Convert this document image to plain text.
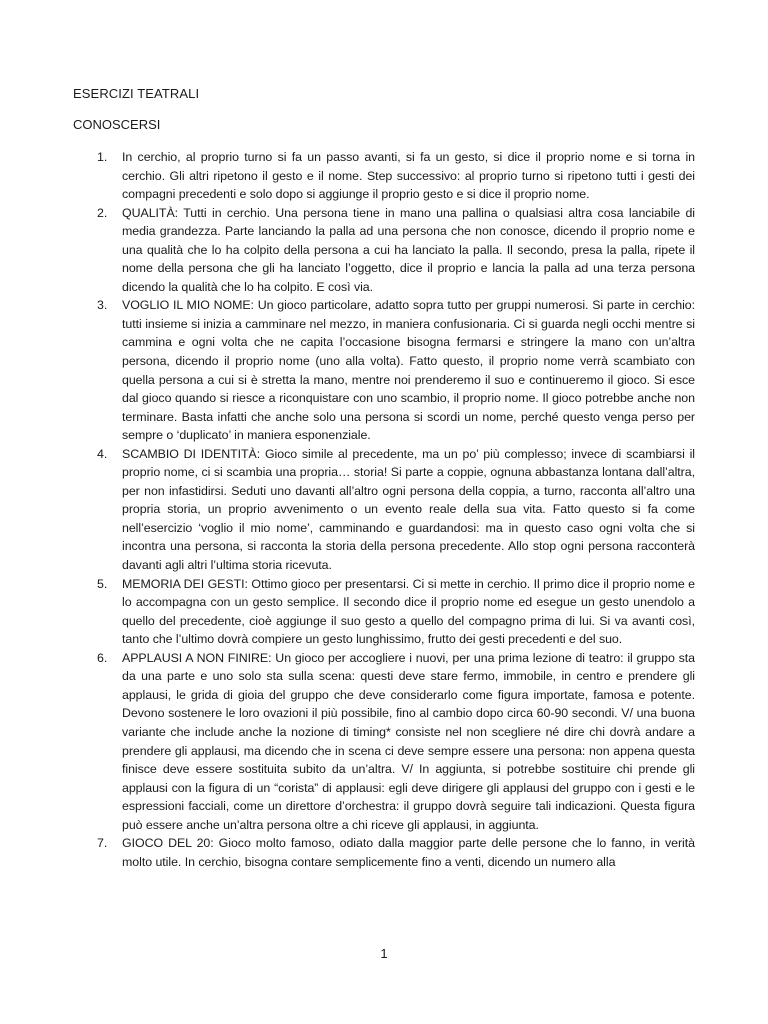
ESERCIZI TEATRALI
CONOSCERSI
1. In cerchio, al proprio turno si fa un passo avanti, si fa un gesto, si dice il proprio nome e si torna in cerchio. Gli altri ripetono il gesto e il nome. Step successivo: al proprio turno si ripetono tutti i gesti dei compagni precedenti e solo dopo si aggiunge il proprio gesto e si dice il proprio nome.
2. QUALITÀ: Tutti in cerchio. Una persona tiene in mano una pallina o qualsiasi altra cosa lanciabile di media grandezza. Parte lanciando la palla ad una persona che non conosce, dicendo il proprio nome e una qualità che lo ha colpito della persona a cui ha lanciato la palla. Il secondo, presa la palla, ripete il nome della persona che gli ha lanciato l’oggetto, dice il proprio e lancia la palla ad una terza persona dicendo la qualità che lo ha colpito. E così via.
3. VOGLIO IL MIO NOME: Un gioco particolare, adatto sopra tutto per gruppi numerosi. Si parte in cerchio: tutti insieme si inizia a camminare nel mezzo, in maniera confusionaria. Ci si guarda negli occhi mentre si cammina e ogni volta che ne capita l’occasione bisogna fermarsi e stringere la mano con un’altra persona, dicendo il proprio nome (uno alla volta). Fatto questo, il proprio nome verrà scambiato con quella persona a cui si è stretta la mano, mentre noi prenderemo il suo e continueremo il gioco. Si esce dal gioco quando si riesce a riconquistare con uno scambio, il proprio nome. Il gioco potrebbe anche non terminare. Basta infatti che anche solo una persona si scordi un nome, perché questo venga perso per sempre o ‘duplicato’ in maniera esponenziale.
4. SCAMBIO DI IDENTITÀ: Gioco simile al precedente, ma un po’ più complesso; invece di scambiarsi il proprio nome, ci si scambia una propria… storia! Si parte a coppie, ognuna abbastanza lontana dall’altra, per non infastidirsi. Seduti uno davanti all’altro ogni persona della coppia, a turno, racconta all’altro una propria storia, un proprio avvenimento o un evento reale della sua vita. Fatto questo si fa come nell’esercizio ‘voglio il mio nome’, camminando e guardandosi: ma in questo caso ogni volta che si incontra una persona, si racconta la storia della persona precedente. Allo stop ogni persona racconterà davanti agli altri l’ultima storia ricevuta.
5. MEMORIA DEI GESTI: Ottimo gioco per presentarsi. Ci si mette in cerchio. Il primo dice il proprio nome e lo accompagna con un gesto semplice. Il secondo dice il proprio nome ed esegue un gesto unendolo a quello del precedente, cioè aggiunge il suo gesto a quello del compagno prima di lui. Si va avanti così, tanto che l’ultimo dovrà compiere un gesto lunghissimo, frutto dei gesti precedenti e del suo.
6. APPLAUSI A NON FINIRE: Un gioco per accogliere i nuovi, per una prima lezione di teatro: il gruppo sta da una parte e uno solo sta sulla scena: questi deve stare fermo, immobile, in centro e prendere gli applausi, le grida di gioia del gruppo che deve considerarlo come figura importate, famosa e potente. Devono sostenere le loro ovazioni il più possibile, fino al cambio dopo circa 60-90 secondi. V/ una buona variante che include anche la nozione di timing* consiste nel non scegliere né dire chi dovrà andare a prendere gli applausi, ma dicendo che in scena ci deve sempre essere una persona: non appena questa finisce deve essere sostituita subito da un’altra. V/ In aggiunta, si potrebbe sostituire chi prende gli applausi con la figura di un “corista” di applausi: egli deve dirigere gli applausi del gruppo con i gesti e le espressioni facciali, come un direttore d’orchestra: il gruppo dovrà seguire tali indicazioni. Questa figura può essere anche un’altra persona oltre a chi riceve gli applausi, in aggiunta.
7. GIOCO DEL 20: Gioco molto famoso, odiato dalla maggior parte delle persone che lo fanno, in verità molto utile. In cerchio, bisogna contare semplicemente fino a venti, dicendo un numero alla
1
